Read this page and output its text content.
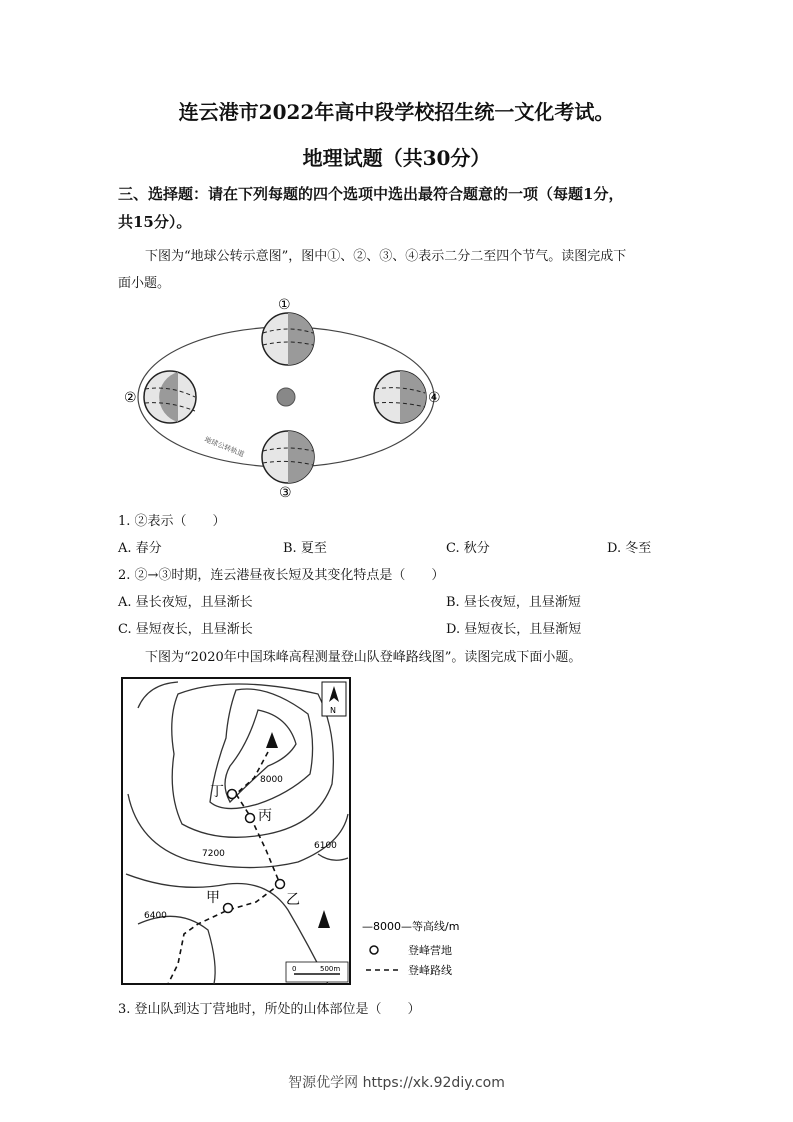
连云港市2022年高中段学校招生统一文化考试。
地理试题（共30分）
三、选择题：请在下列每题的四个选项中选出最符合题意的一项（每题1分，
共15分）。
下图为“地球公转示意图”，图中①、②、③、④表示二分二至四个节气。读图完成下
面小题。
①
②
③
④
地球公转轨道
1. ②表示（　　）
A. 春分	B. 夏至	C. 秋分	D. 冬至
2. ②→③时期，连云港昼夜长短及其变化特点是（　　）
A. 昼长夜短，且昼渐长	B. 昼长夜短，且昼渐短
C. 昼短夜长，且昼渐长	D. 昼短夜长，且昼渐短
下图为“2020年中国珠峰高程测量登山队登峰路线图”。读图完成下面小题。
丁
丙
乙
甲
8000
7200
6400
6100
N
0	500m
—8000—等高线/m
登峰营地
登峰路线
3. 登山队到达丁营地时，所处的山体部位是（　　）
智源优学网 https://xk.92diy.com
